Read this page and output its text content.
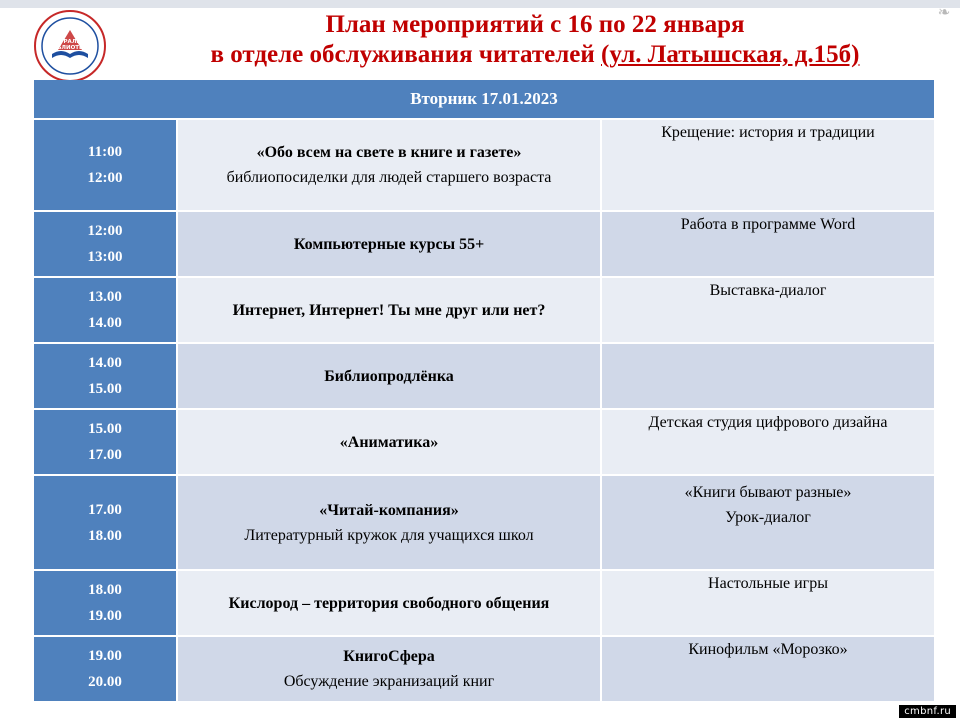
❧
ЦЕНТРАЛЬНАЯ
БИБЛИОТЕКА
План мероприятий с 16 по 22 января
в отделе обслуживания читателей (ул. Латышская, д.15б)
Вторник 17.01.2023
11:00
12:00
«Обо всем на свете в книге и газете»
библиопосиделки для людей старшего возраста
Крещение: история и традиции
12:00
13:00
Компьютерные курсы 55+
Работа в программе Word
13.00
14.00
Интернет, Интернет! Ты мне друг или нет?
Выставка-диалог
14.00
15.00
Библиопродлёнка
15.00
17.00
«Аниматика»
Детская студия цифрового дизайна
17.00
18.00
«Читай-компания»
Литературный кружок для учащихся школ
«Книги бывают разные»
Урок-диалог
18.00
19.00
Кислород – территория свободного общения
Настольные игры
19.00
20.00
КнигоСфера
Обсуждение экранизаций книг
Кинофильм «Морозко»
cmbnf.ru
